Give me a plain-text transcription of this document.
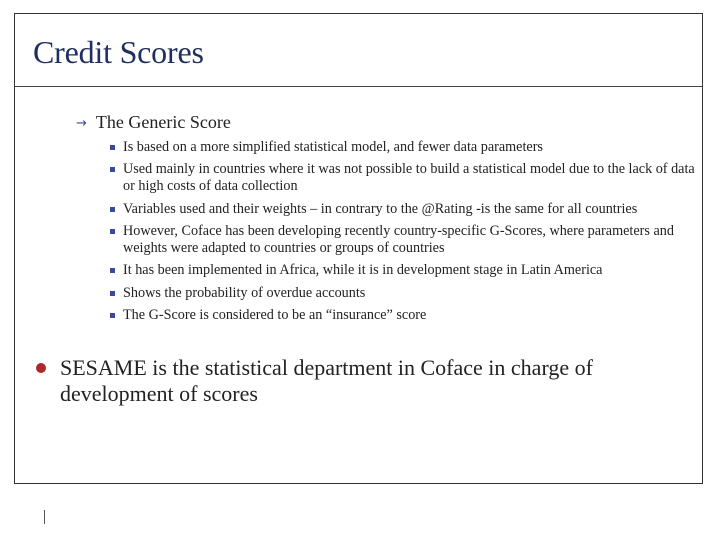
Credit Scores
→ The Generic Score
Is based on a more simplified statistical model, and fewer data parameters
Used mainly in countries where it was not possible to build a statistical model due to the lack of data or high costs of data collection
Variables used and their weights – in contrary to the @Rating -is the same for all countries
However, Coface has been developing recently country-specific G-Scores, where parameters and weights were adapted to countries or groups of countries
It has been implemented in Africa, while it is in development stage in Latin America
Shows the probability of overdue accounts
The G-Score is considered to be an “insurance” score
SESAME is the statistical department in Coface in charge of development of scores
